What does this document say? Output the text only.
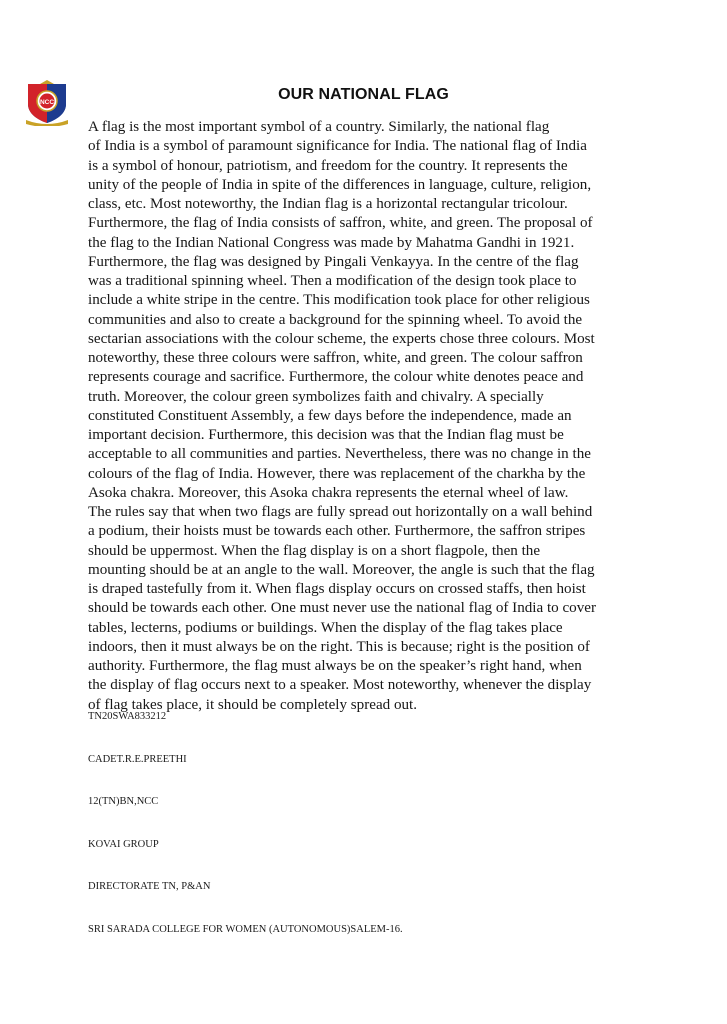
NCC	OUR NATIONAL FLAG
A flag is the most important symbol of a country. Similarly, the national flag
of India is a symbol of paramount significance for India. The national flag of India
is a symbol of honour, patriotism, and freedom for the country. It represents the
unity of the people of India in spite of the differences in language, culture, religion,
class, etc. Most noteworthy, the Indian flag is a horizontal rectangular tricolour.
Furthermore, the flag of India consists of saffron, white, and green. The proposal of
the flag to the Indian National Congress was made by Mahatma Gandhi in 1921.
Furthermore, the flag was designed by Pingali Venkayya. In the centre of the flag
was a traditional spinning wheel. Then a modification of the design took place to
include a white stripe in the centre. This modification took place for other religious
communities and also to create a background for the spinning wheel. To avoid the
sectarian associations with the colour scheme, the experts chose three colours. Most
noteworthy, these three colours were saffron, white, and green. The colour saffron
represents courage and sacrifice. Furthermore, the colour white denotes peace and
truth. Moreover, the colour green symbolizes faith and chivalry. A specially
constituted Constituent Assembly, a few days before the independence, made an
important decision. Furthermore, this decision was that the Indian flag must be
acceptable to all communities and parties. Nevertheless, there was no change in the
colours of the flag of India. However, there was replacement of the charkha by the
Asoka chakra. Moreover, this Asoka chakra represents the eternal wheel of law.
The rules say that when two flags are fully spread out horizontally on a wall behind
a podium, their hoists must be towards each other. Furthermore, the saffron stripes
should be uppermost. When the flag display is on a short flagpole, then the
mounting should be at an angle to the wall. Moreover, the angle is such that the flag
is draped tastefully from it. When flags display occurs on crossed staffs, then hoist
should be towards each other. One must never use the national flag of India to cover
tables, lecterns, podiums or buildings. When the display of the flag takes place
indoors, then it must always be on the right. This is because; right is the position of
authority. Furthermore, the flag must always be on the speaker’s right hand, when
the display of flag occurs next to a speaker. Most noteworthy, whenever the display
of flag takes place, it should be completely spread out.
TN20SWA833212
CADET.R.E.PREETHI
12(TN)BN,NCC
KOVAI GROUP
DIRECTORATE TN, P&AN
SRI SARADA COLLEGE FOR WOMEN (AUTONOMOUS)SALEM-16.
